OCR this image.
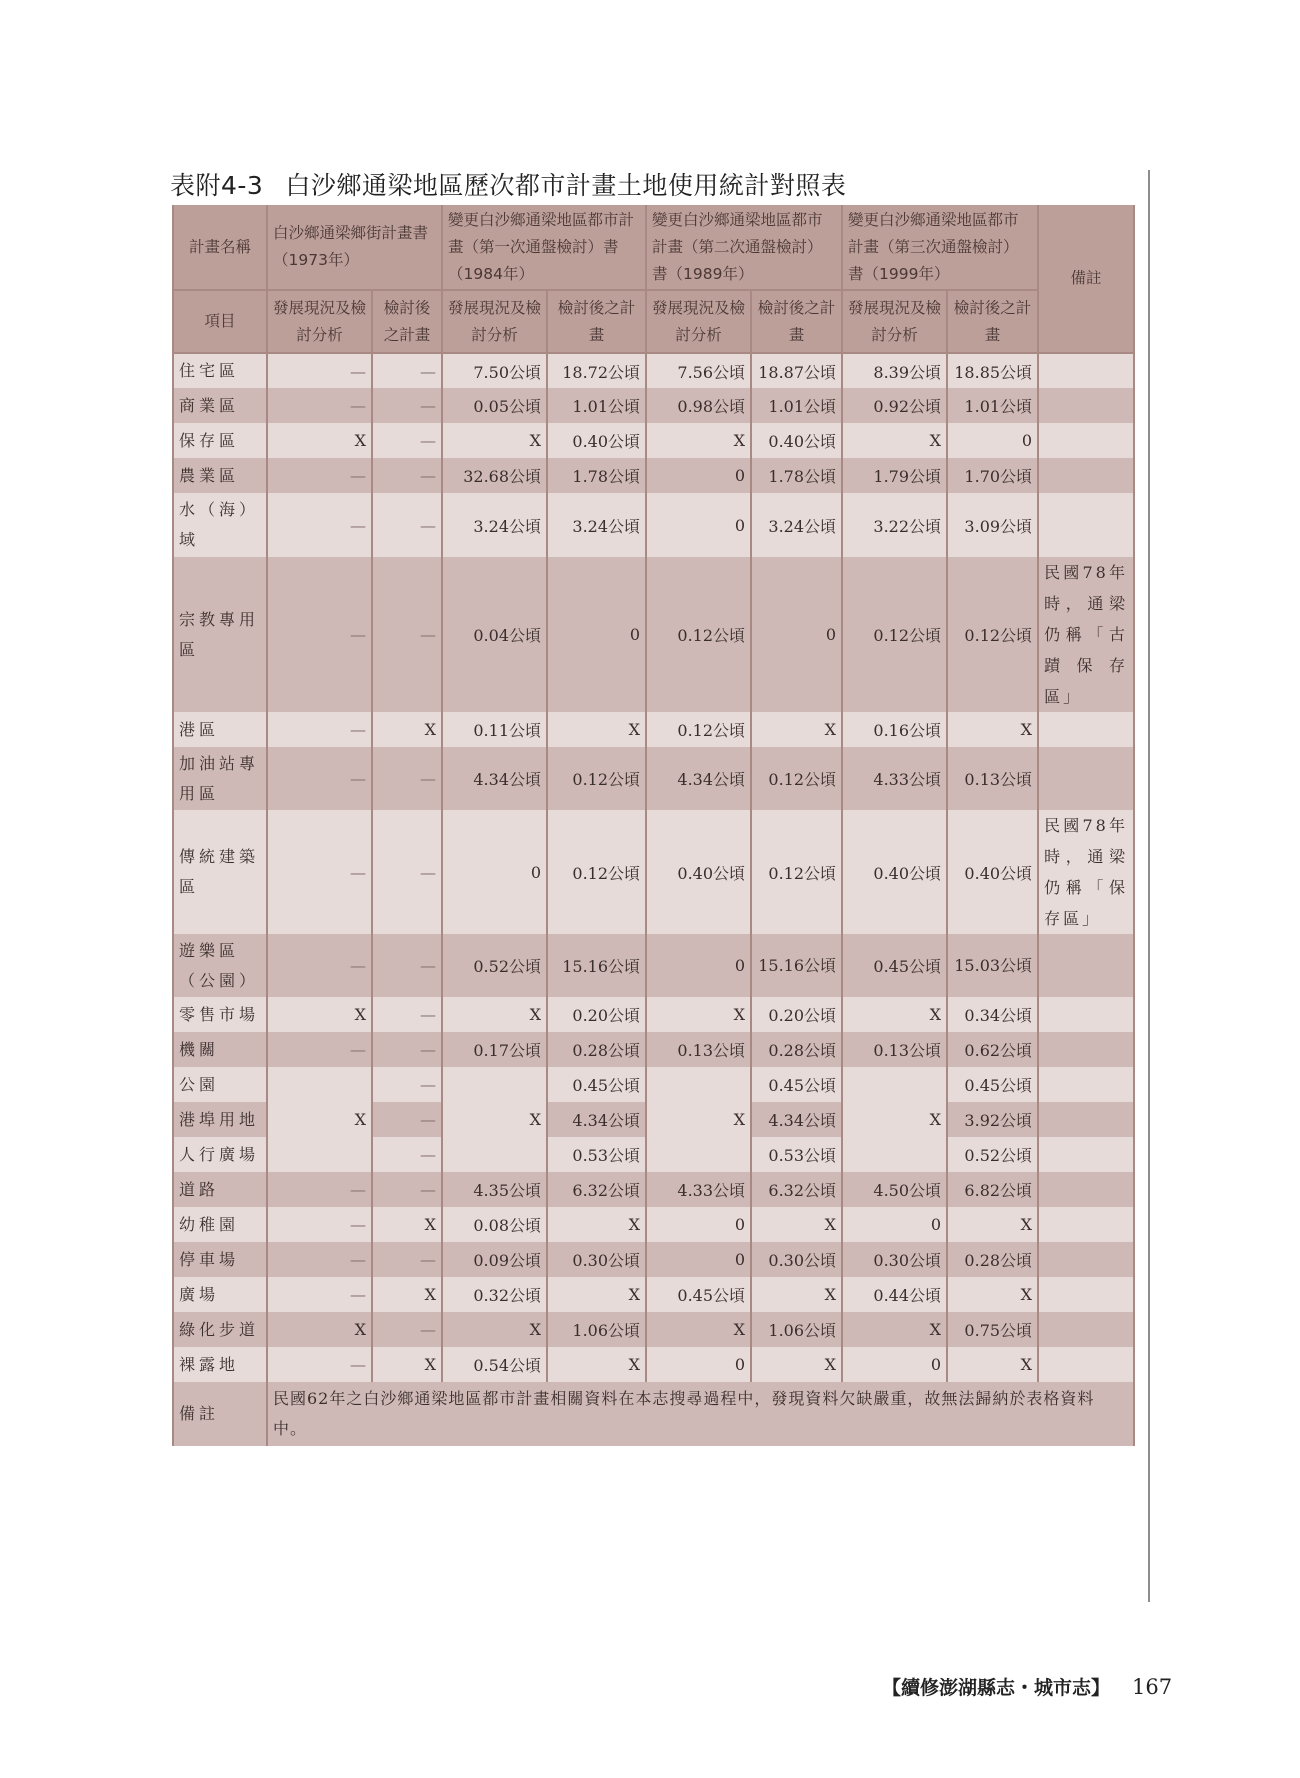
表附4-3 白沙鄉通梁地區歷次都市計畫土地使用統計對照表
計畫名稱	白沙鄉通梁鄉街計畫書（1973年）		變更白沙鄉通梁地區都市計畫（第一次通盤檢討）書（1984年）		變更白沙鄉通梁地區都市計畫（第二次通盤檢討）書（1989年）		變更白沙鄉通梁地區都市計畫（第三次通盤檢討）書（1999年）		備註
項目	發展現況及檢討分析	檢討後之計畫	發展現況及檢討分析	檢討後之計畫	發展現況及檢討分析	檢討後之計畫	發展現況及檢討分析	檢討後之計畫	
住宅區	—	—	7.50公頃	18.72公頃	7.56公頃	18.87公頃	8.39公頃	18.85公頃	
商業區	—	—	0.05公頃	1.01公頃	0.98公頃	1.01公頃	0.92公頃	1.01公頃	
保存區	X	—	X	0.40公頃	X	0.40公頃	X	0	
農業區	—	—	32.68公頃	1.78公頃	0	1.78公頃	1.79公頃	1.70公頃	
水（海）域	—	—	3.24公頃	3.24公頃	0	3.24公頃	3.22公頃	3.09公頃	
宗教專用區	—	—	0.04公頃	0	0.12公頃	0	0.12公頃	0.12公頃	民國78年時，通梁仍稱「古蹟保存區」
港區	—	X	0.11公頃	X	0.12公頃	X	0.16公頃	X	
加油站專用區	—	—	4.34公頃	0.12公頃	4.34公頃	0.12公頃	4.33公頃	0.13公頃	
傳統建築區	—	—	0	0.12公頃	0.40公頃	0.12公頃	0.40公頃	0.40公頃	民國78年時，通梁仍稱「保存區」
遊樂區（公園）	—	—	0.52公頃	15.16公頃	0	15.16公頃	0.45公頃	15.03公頃	
零售市場	X	—	X	0.20公頃	X	0.20公頃	X	0.34公頃	
機關	—	—	0.17公頃	0.28公頃	0.13公頃	0.28公頃	0.13公頃	0.62公頃	
公園	X	—	X	0.45公頃	X	0.45公頃	X	0.45公頃	
港埠用地		—		4.34公頃		4.34公頃		3.92公頃	
人行廣場		—		0.53公頃		0.53公頃		0.52公頃	
道路	—	—	4.35公頃	6.32公頃	4.33公頃	6.32公頃	4.50公頃	6.82公頃	
幼稚園	—	X	0.08公頃	X	0	X	0	X	
停車場	—	—	0.09公頃	0.30公頃	0	0.30公頃	0.30公頃	0.28公頃	
廣場	—	X	0.32公頃	X	0.45公頃	X	0.44公頃	X	
綠化步道	X	—	X	1.06公頃	X	1.06公頃	X	0.75公頃	
裸露地	—	X	0.54公頃	X	0	X	0	X	
備註	民國62年之白沙鄉通梁地區都市計畫相關資料在本志搜尋過程中，發現資料欠缺嚴重，故無法歸納於表格資料中。								
【續修澎湖縣志・城市志】 167
